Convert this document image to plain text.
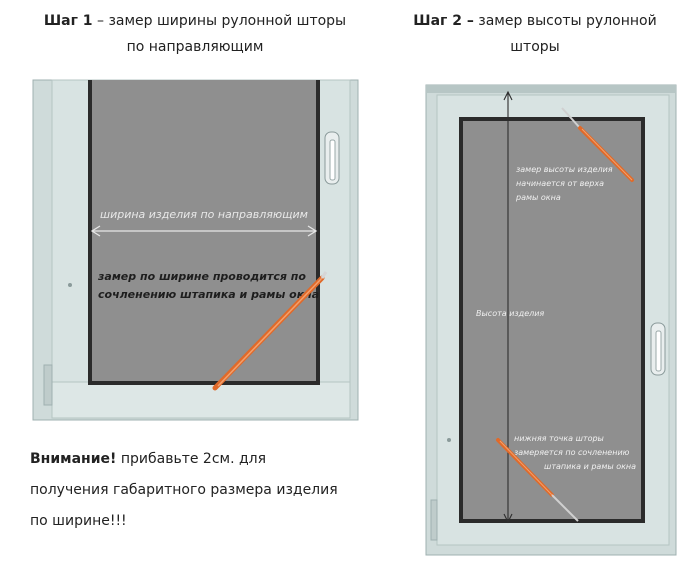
Шаг 1 – замер ширины рулонной шторы
по направляющим
Шаг 2 – замер высоты рулонной
шторы
ширина изделия по направляющим
замер по ширине проводится по
сочленению штапика и рамы окна
Высота изделия
замер высоты изделия
начинается от верха
рамы окна
нижняя точка шторы
замеряется по сочленению
штапика и рамы окна
Внимание! прибавьте 2см. для
получения габаритного размера изделия
по ширине!!!
